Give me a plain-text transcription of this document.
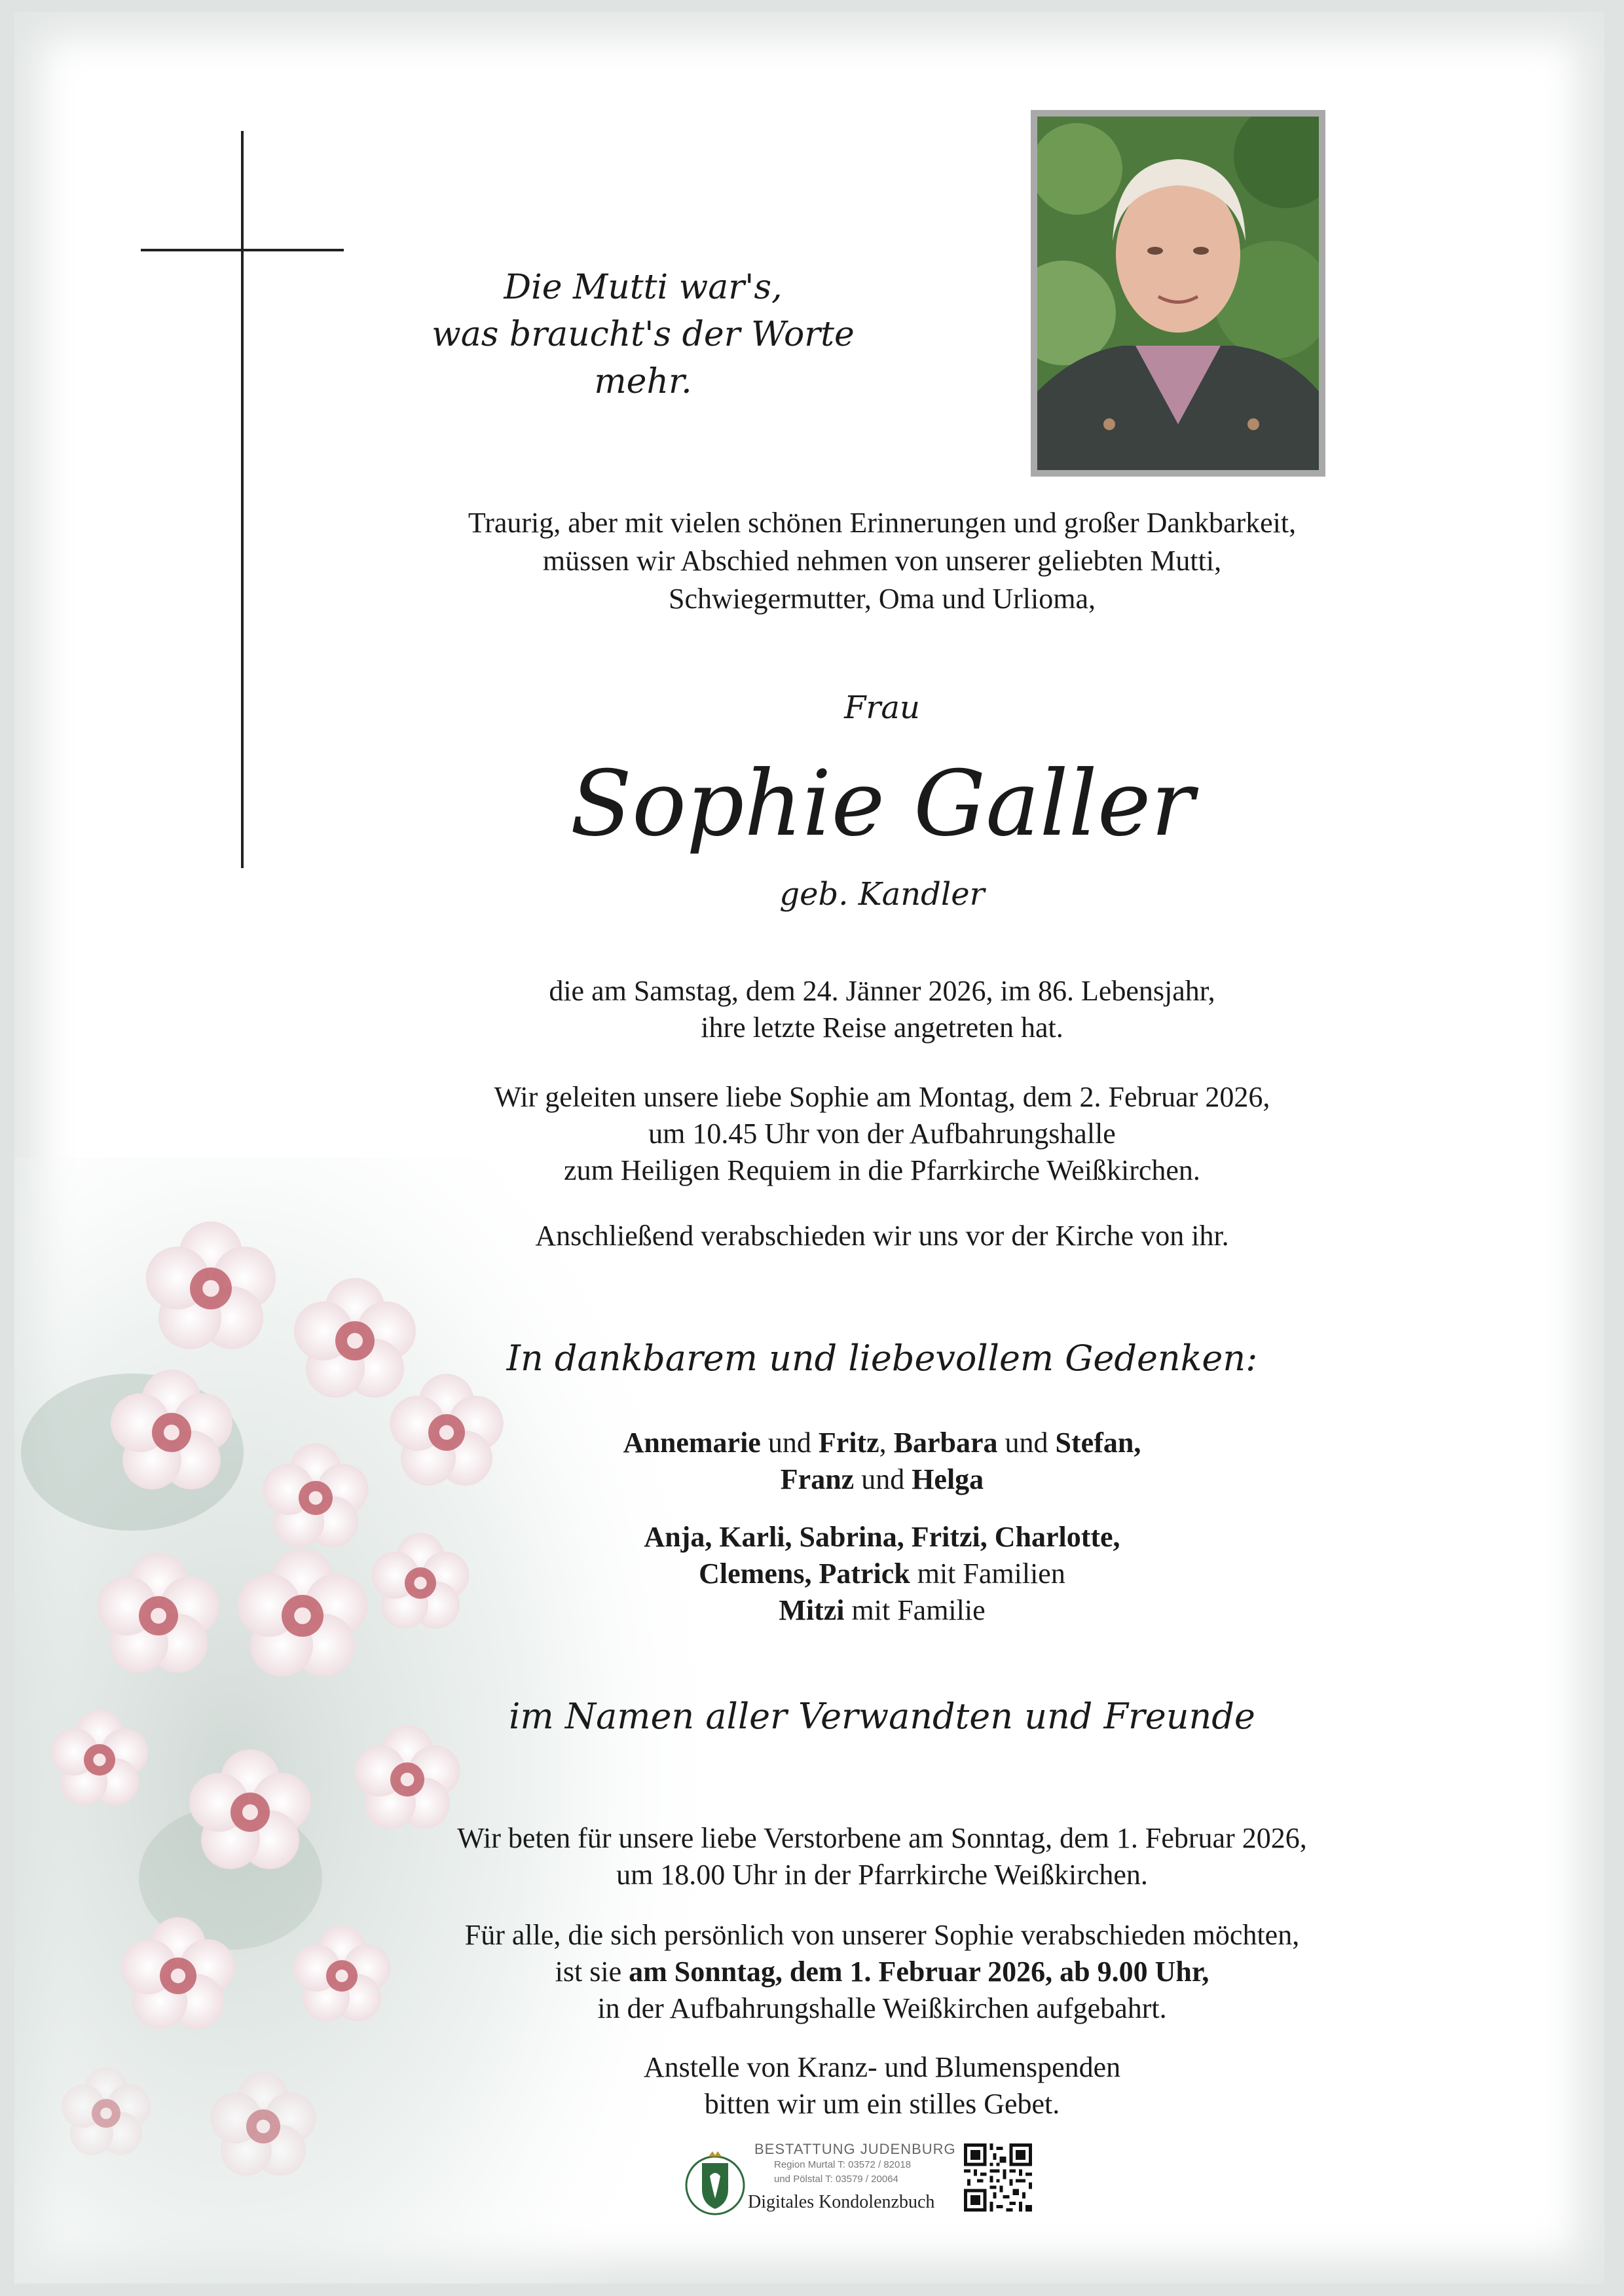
Die Mutti war's,
was braucht's der Worte mehr.
Traurig, aber mit vielen schönen Erinnerungen und großer Dankbarkeit,
müssen wir Abschied nehmen von unserer geliebten Mutti,
Schwiegermutter, Oma und Urlioma,
Frau
Sophie Galler
geb. Kandler
die am Samstag, dem 24. Jänner 2026, im 86. Lebensjahr,
ihre letzte Reise angetreten hat.
Wir geleiten unsere liebe Sophie am Montag, dem 2. Februar 2026,
um 10.45 Uhr von der Aufbahrungshalle
zum Heiligen Requiem in die Pfarrkirche Weißkirchen.
Anschließend verabschieden wir uns vor der Kirche von ihr.
In dankbarem und liebevollem Gedenken:
Annemarie und Fritz, Barbara und Stefan,
Franz und Helga
Anja, Karli, Sabrina, Fritzi, Charlotte,
Clemens, Patrick mit Familien
Mitzi mit Familie
im Namen aller Verwandten und Freunde
Wir beten für unsere liebe Verstorbene am Sonntag, dem 1. Februar 2026,
um 18.00 Uhr in der Pfarrkirche Weißkirchen.
Für alle, die sich persönlich von unserer Sophie verabschieden möchten,
ist sie am Sonntag, dem 1. Februar 2026, ab 9.00 Uhr,
in der Aufbahrungshalle Weißkirchen aufgebahrt.
Anstelle von Kranz- und Blumenspenden
bitten wir um ein stilles Gebet.
BESTATTUNG JUDENBURG
Region Murtal T: 03572 / 82018
und Pölstal T: 03579 / 20064
Digitales Kondolenzbuch
